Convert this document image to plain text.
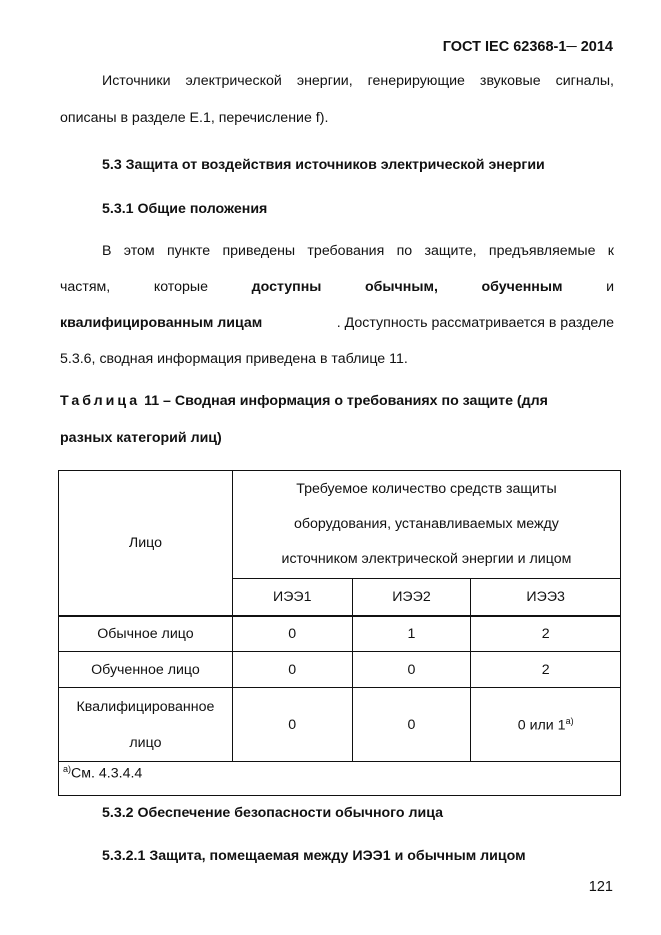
ГОСТ IEC 62368-1─ 2014
Источники электрической энергии, генерирующие звуковые сигналы,
описаны в разделе Е.1, перечисление f).
5.3 Защита от воздействия источников электрической энергии
5.3.1 Общие положения
В этом пункте приведены требования по защите, предъявляемые к
частям,	которые	доступны	обычным,	обученным	и
квалифицированным лицам	. Доступность рассматривается в разделе
5.3.6, сводная информация приведена в таблице 11.
Таблица 11 – Сводная информация о требованиях по защите (для
разных категорий лиц)
Лицо	Требуемое количество средств защиты
оборудования, устанавливаемых между
источником электрической энергии и лицом		

	ИЭЭ1	ИЭЭ2	ИЭЭ3
Обычное лицо	0	1	2
Обученное лицо	0	0	2

Квалифицированное
лицо	0	0	0 или 1$^{a)}$
$^{a)}$См. 4.3.4.4			
5.3.2 Обеспечение безопасности обычного лица
5.3.2.1 Защита, помещаемая между ИЭЭ1 и обычным лицом
121
